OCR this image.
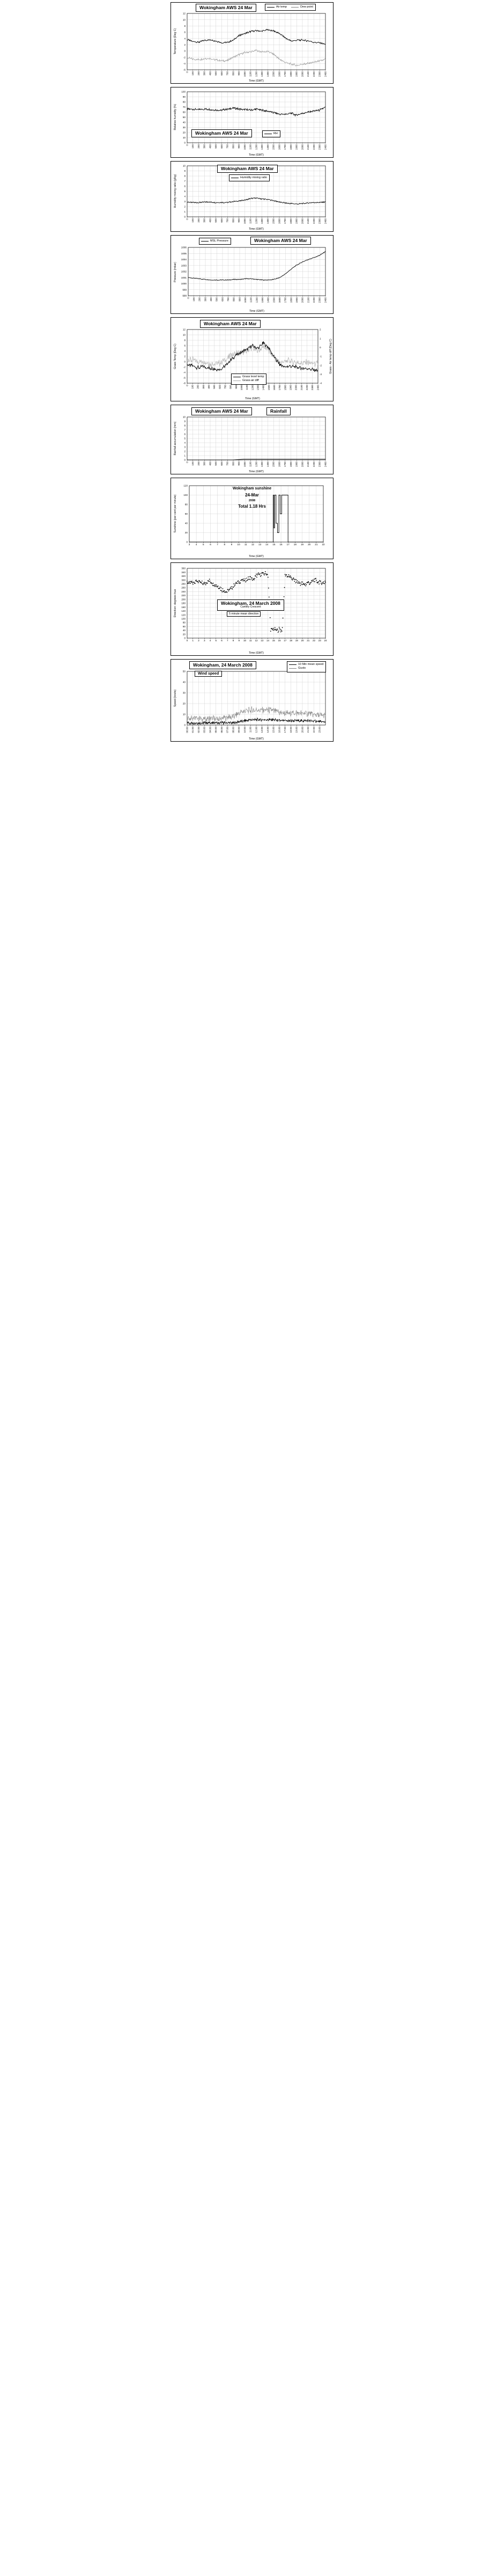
-6
-4
-2
0
2
4
6
8
10
12
0 100 200 300 400 500 600 700 800 900 1000 1100 1200 1300 1400 1500 1600 1700 1800 1900 2000 2100 2200 2300 2400
Time (GMT)
Temperature (Deg C)
Wokingham AWS 24 Mar	Air temp	Dew point
0
10
20
30
40
50
60
70
80
90
100
0 100 200 300 400 500 600 700 800 900 1000 1100 1200 1300 1400 1500 1600 1700 1800 1900 2000 2100 2200 2300 2400
Time (GMT)
Relative humidity (%)
Wokingham AWS 24 Mar	RH
0
1
2
3
4
5
6
7
8
9
10
0 100 200 300 400 500 600 700 800 900 1000 1100 1200 1300 1400 1500 1600 1700 1800 1900 2000 2100 2200 2300 2400
Time (GMT)
Humidity mixing ratio (g/kg)
Wokingham AWS 24 Mar
Humidity mixing ratio
998
999
1000
1001
1002
1003
1004
1005
1006
0 100 200 300 400 500 600 700 800 900 1000 1100 1200 1300 1400 1500 1600 1700 1800 1900 2000 2100 2200 2300 2400
Time (GMT)
Pressure (mbar)
MSL Pressure	Wokingham AWS 24 Mar
-8
-6
-4
-2
0
2
4
6
8
10
12
0 100 200 300 400 500 600 700 800 900 1000 1100 1200 1300 1400 1500 1600 1700 1800 1900 2000 2100 2200 2300 2400
-4
-3
-2
-1
0
1
2
Time (GMT)
Grass Temp (Deg C)	Grass - Air temp diff (Deg C)
Wokingham AWS 24 Mar
Grass level temp
Grass-air diff
0
1
2
3
4
5
6
7
8
9
10
0 100 200 300 400 500 600 700 800 900 1000 1100 1200 1300 1400 1500 1600 1700 1800 1900 2000 2100 2200 2300 2400
Time (GMT)
Rainfall accumulation (mm)
Wokingham AWS 24 Mar	Rainfall
0
20
40
60
80
100
120
3 4 5 6 7 8 9 10 11 12 13 14 15 16 17 18 19 20 21 22
Time (GMT)
Sunshine (per cent per minute)
Wokingham sunshine
24-Mar
2008
Total 1.18 Hrs
0
20
40
60
80
100
120
140
160
180
200
220
240
260
280
300
320
340
360
0 1 2 3 4 5 6 7 8 9 10 11 12 13 14 15 16 17 18 19 20 21 22 23 24
Time (GMT)
Direction: degrees true	Wokingham, 24 March 2008
Cantley Crescent
5 minute mean direction
0
10
20
30
40
50
00:00 01:00 02:00 03:00 04:00 05:00 06:00 07:00 08:00 09:00 10:00 11:00 12:00 13:00 14:00 15:00 16:00 17:00 18:00 19:00 20:00 21:00 22:00 23:00
Time (GMT)
Speed (knots)
Wokingham, 24 March 2008
Wind speed
10 Min mean speed
Gusts
